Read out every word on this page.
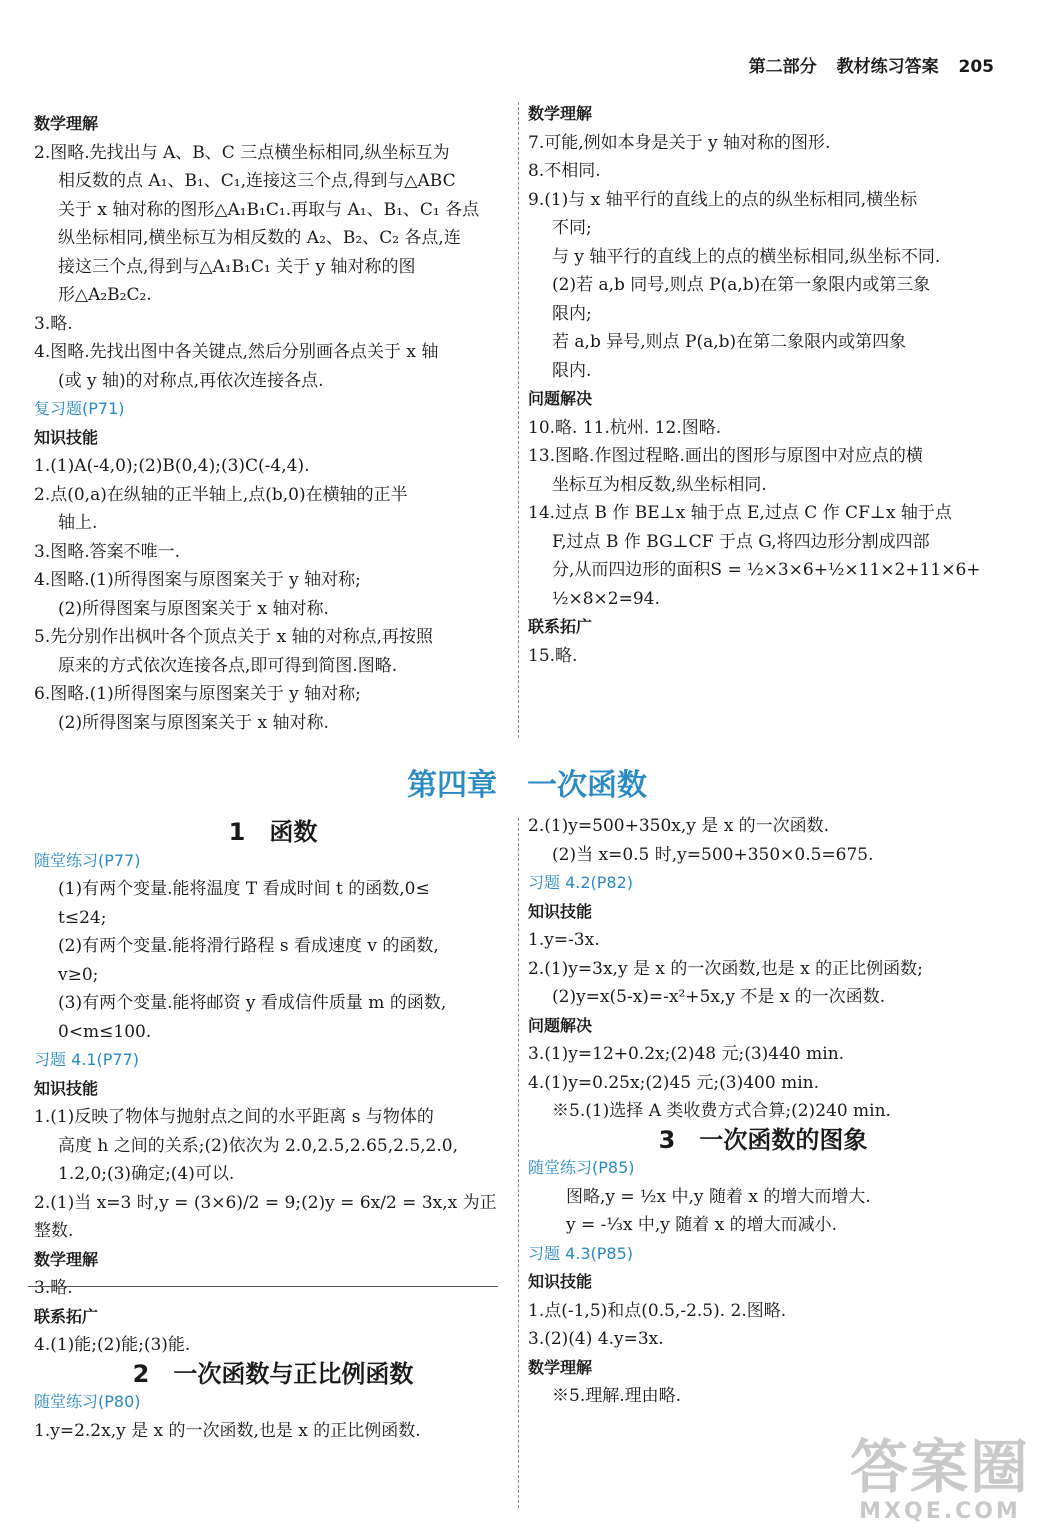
第二部分 教材练习答案 205

数学理解

2.图略.先找出与 A、B、C 三点横坐标相同,纵坐标互为

相反数的点 A₁、B₁、C₁,连接这三个点,得到与△ABC

关于 x 轴对称的图形△A₁B₁C₁.再取与 A₁、B₁、C₁ 各点

纵坐标相同,横坐标互为相反数的 A₂、B₂、C₂ 各点,连

接这三个点,得到与△A₁B₁C₁ 关于 y 轴对称的图

形△A₂B₂C₂.

3.略.

4.图略.先找出图中各关键点,然后分别画各点关于 x 轴

(或 y 轴)的对称点,再依次连接各点.

复习题(P71)

知识技能

1.(1)A(-4,0);(2)B(0,4);(3)C(-4,4).

2.点(0,a)在纵轴的正半轴上,点(b,0)在横轴的正半

轴上.

3.图略.答案不唯一.

4.图略.(1)所得图案与原图案关于 y 轴对称;

(2)所得图案与原图案关于 x 轴对称.

5.先分别作出枫叶各个顶点关于 x 轴的对称点,再按照

原来的方式依次连接各点,即可得到简图.图略.

6.图略.(1)所得图案与原图案关于 y 轴对称;

(2)所得图案与原图案关于 x 轴对称.

数学理解

7.可能,例如本身是关于 y 轴对称的图形.

8.不相同.

9.(1)与 x 轴平行的直线上的点的纵坐标相同,横坐标

不同;

与 y 轴平行的直线上的点的横坐标相同,纵坐标不同.

(2)若 a,b 同号,则点 P(a,b)在第一象限内或第三象

限内;

若 a,b 异号,则点 P(a,b)在第二象限内或第四象

限内.

问题解决

10.略. 11.杭州. 12.图略.

13.图略.作图过程略.画出的图形与原图中对应点的横

坐标互为相反数,纵坐标相同.

14.过点 B 作 BE⊥x 轴于点 E,过点 C 作 CF⊥x 轴于点

F,过点 B 作 BG⊥CF 于点 G,将四边形分割成四部

分,从而四边形的面积S = ½×3×6+½×11×2+11×6+

½×8×2=94.

联系拓广

15.略.

第四章　一次函数

1　函数

随堂练习(P77)

(1)有两个变量.能将温度 T 看成时间 t 的函数,0≤

t≤24;

(2)有两个变量.能将滑行路程 s 看成速度 v 的函数,

v≥0;

(3)有两个变量.能将邮资 y 看成信件质量 m 的函数,

0<m≤100.

习题 4.1(P77)

知识技能

1.(1)反映了物体与抛射点之间的水平距离 s 与物体的

高度 h 之间的关系;(2)依次为 2.0,2.5,2.65,2.5,2.0,

1.2,0;(3)确定;(4)可以.

2.(1)当 x=3 时,y = (3×6)/2 = 9;(2)y = 6x/2 = 3x,x 为正整数.

数学理解

3.略.

联系拓广

4.(1)能;(2)能;(3)能.

2　一次函数与正比例函数

随堂练习(P80)

1.y=2.2x,y 是 x 的一次函数,也是 x 的正比例函数.

2.(1)y=500+350x,y 是 x 的一次函数.

(2)当 x=0.5 时,y=500+350×0.5=675.

习题 4.2(P82)

知识技能

1.y=-3x.

2.(1)y=3x,y 是 x 的一次函数,也是 x 的正比例函数;

(2)y=x(5-x)=-x²+5x,y 不是 x 的一次函数.

问题解决

3.(1)y=12+0.2x;(2)48 元;(3)440 min.

4.(1)y=0.25x;(2)45 元;(3)400 min.

※5.(1)选择 A 类收费方式合算;(2)240 min.

3　一次函数的图象

随堂练习(P85)

图略,y = ½x 中,y 随着 x 的增大而增大.

y = -⅓x 中,y 随着 x 的增大而减小.

习题 4.3(P85)

知识技能

1.点(-1,5)和点(0.5,-2.5). 2.图略.

3.(2)(4) 4.y=3x.

数学理解

※5.理解.理由略.

答案圈
MXQE.COM
